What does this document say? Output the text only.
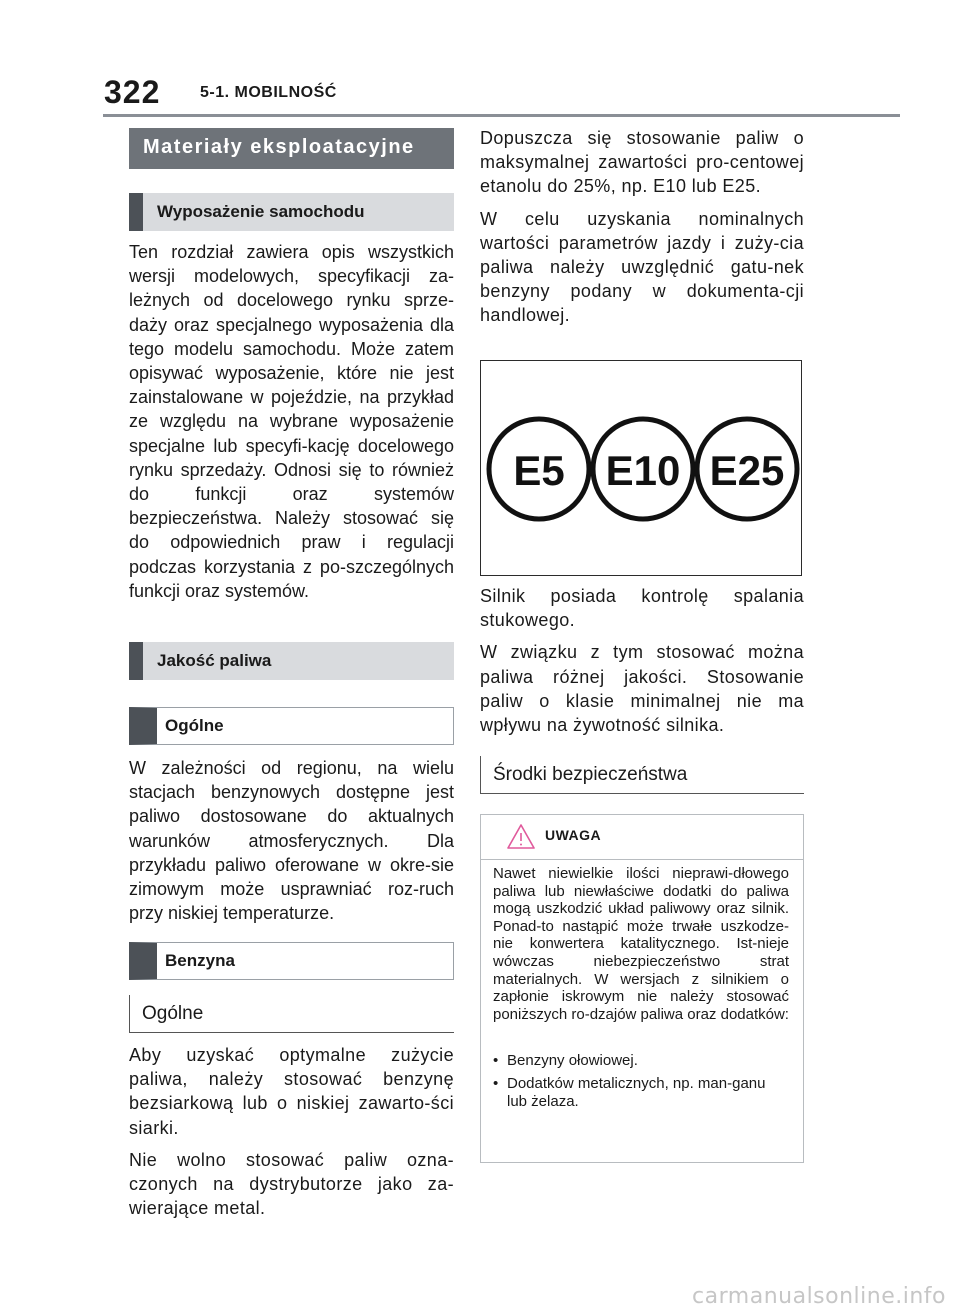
322 5-1. MOBILNOŚĆ
Materiały eksploatacyjne
Wyposażenie samochodu

Ten rozdział zawiera opis wszystkich wersji modelowych, specyfikacji za-leżnych od docelowego rynku sprze-daży oraz specjalnego wyposażenia dla tego modelu samochodu. Może zatem opisywać wyposażenie, które nie jest zainstalowane w pojeździe, na przykład ze względu na wybrane wyposażenie specjalne lub specyfi-kację docelowego rynku sprzedaży. Odnosi się to również do funkcji oraz systemów bezpieczeństwa. Należy stosować się do odpowiednich praw i regulacji podczas korzystania z po-szczególnych funkcji oraz systemów.

Jakość paliwa
Ogólne

W zależności od regionu, na wielu stacjach benzynowych dostępne jest paliwo dostosowane do aktualnych warunków atmosferycznych. Dla przykładu paliwo oferowane w okre-sie zimowym może usprawniać roz-ruch przy niskiej temperaturze.

Benzyna
Ogólne

Aby uzyskać optymalne zużycie paliwa, należy stosować benzynę bezsiarkową lub o niskiej zawarto-ści siarki.

Nie wolno stosować paliw ozna-czonych na dystrybutorze jako za-wierające metal.

Dopuszcza się stosowanie paliw o maksymalnej zawartości pro-centowej etanolu do 25%, np. E10 lub E25.

W celu uzyskania nominalnych wartości parametrów jazdy i zuży-cia paliwa należy uwzględnić gatu-nek benzyny podany w dokumenta-cji handlowej.

E5 E10 E25

Silnik posiada kontrolę spalania stukowego.

W związku z tym stosować można paliwa różnej jakości. Stosowanie paliw o klasie minimalnej nie ma wpływu na żywotność silnika.

Środki bezpieczeństwa
UWAGA

Nawet niewielkie ilości nieprawi-dłowego paliwa lub niewłaściwe dodatki do paliwa mogą uszkodzić układ paliwowy oraz silnik. Ponad-to nastąpić może trwałe uszkodze-nie konwertera katalitycznego. Ist-nieje wówczas niebezpieczeństwo strat materialnych. W wersjach z silnikiem o zapłonie iskrowym nie należy stosować poniższych ro-dzajów paliwa oraz dodatków:

• Benzyny ołowiowej.
• Dodatków metalicznych, np. man-ganu lub żelaza.
carmanualsonline.info
